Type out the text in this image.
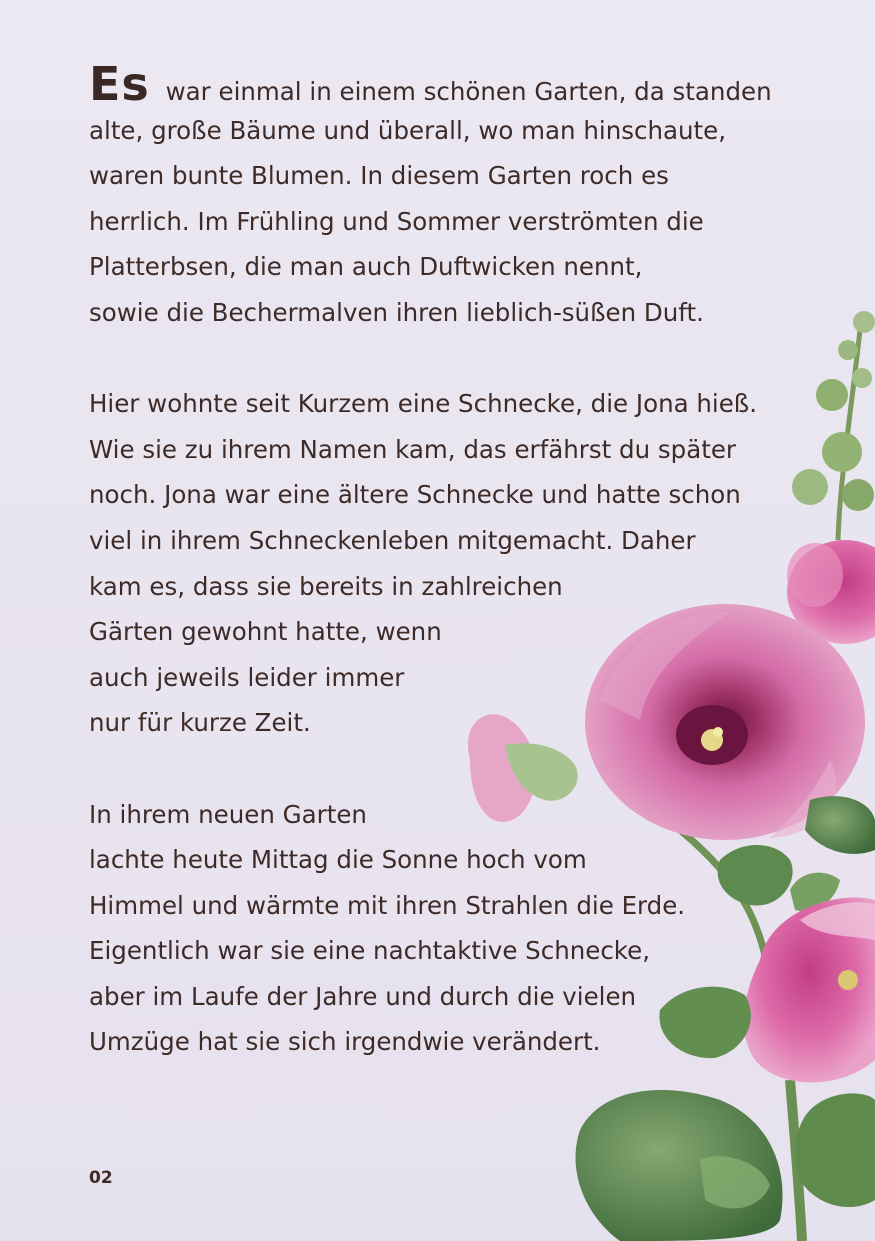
Es war einmal in einem schönen Garten, da standen
alte, große Bäume und überall, wo man hinschaute,
waren bunte Blumen. In diesem Garten roch es
herrlich. Im Frühling und Sommer verströmten die
Platterbsen, die man auch Duftwicken nennt,
sowie die Bechermalven ihren lieblich-süßen Duft.
Hier wohnte seit Kurzem eine Schnecke, die Jona hieß.
Wie sie zu ihrem Namen kam, das erfährst du später
noch. Jona war eine ältere Schnecke und hatte schon
viel in ihrem Schneckenleben mitgemacht. Daher
kam es, dass sie bereits in zahlreichen
Gärten gewohnt hatte, wenn
auch jeweils leider immer
nur für kurze Zeit.
In ihrem neuen Garten
lachte heute Mittag die Sonne hoch vom
Himmel und wärmte mit ihren Strahlen die Erde.
Eigentlich war sie eine nachtaktive Schnecke,
aber im Laufe der Jahre und durch die vielen
Umzüge hat sie sich irgendwie verändert.
02
